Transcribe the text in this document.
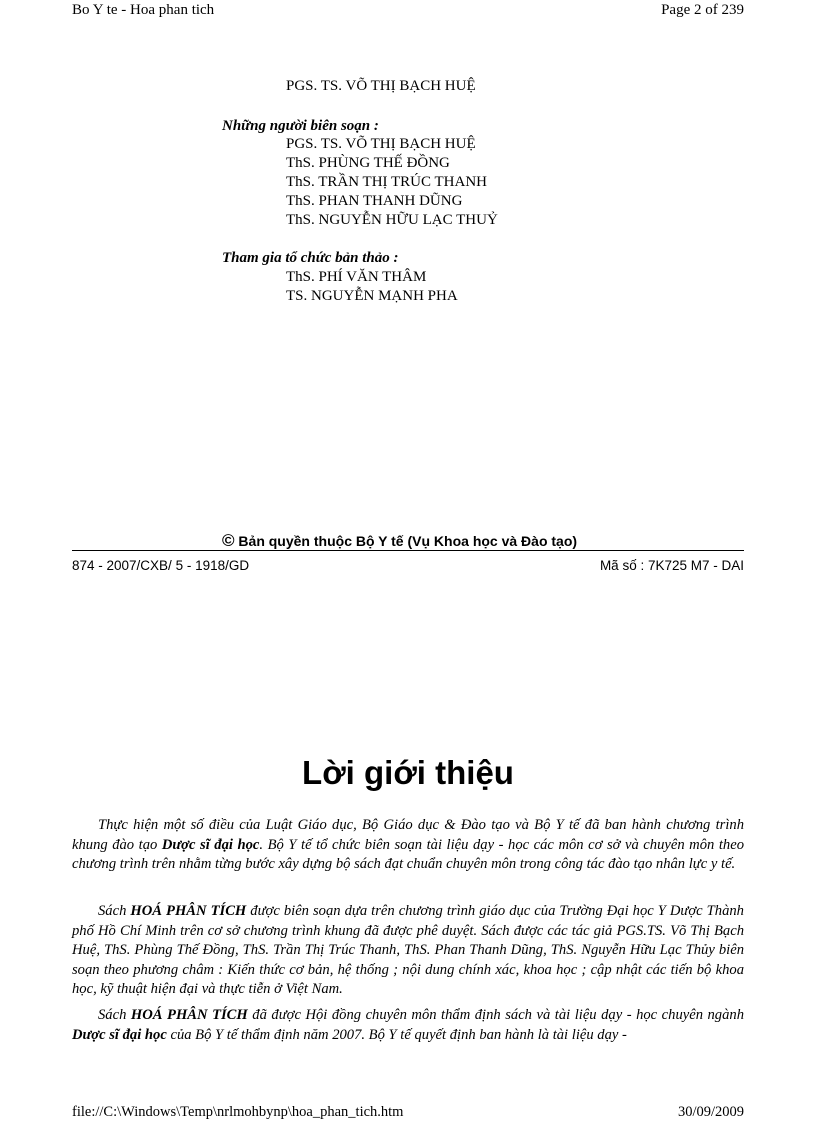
Bo Y te - Hoa phan tich	Page 2 of 239
PGS. TS. VÕ THỊ BẠCH HUỆ
Những người biên soạn :
PGS. TS. VÕ THỊ BẠCH HUỆ
ThS. PHÙNG THẾ ĐỒNG
ThS. TRẦN THỊ TRÚC THANH
ThS. PHAN THANH DŨNG
ThS. NGUYỄN HỮU LẠC THUỶ
Tham gia tổ chức bản thảo :
ThS. PHÍ VĂN THÂM
TS. NGUYỄN MẠNH PHA
© Bản quyền thuộc Bộ Y tế (Vụ Khoa học và Đào tạo)
874 - 2007/CXB/ 5 - 1918/GD	Mã số : 7K725 M7 - DAI
Lời giới thiệu

Thực hiện một số điều của Luật Giáo dục, Bộ Giáo dục & Đào tạo và Bộ Y tế đã ban hành chương trình khung đào tạo Dược sĩ đại học. Bộ Y tế tổ chức biên soạn tài liệu dạy - học các môn cơ sở và chuyên môn theo chương trình trên nhằm từng bước xây dựng bộ sách đạt chuẩn chuyên môn trong công tác đào tạo nhân lực y tế.

Sách HOÁ PHÂN TÍCH được biên soạn dựa trên chương trình giáo dục của Trường Đại học Y Dược Thành phố Hồ Chí Minh trên cơ sở chương trình khung đã được phê duyệt. Sách được các tác giả PGS.TS. Võ Thị Bạch Huệ, ThS. Phùng Thế Đồng, ThS. Trần Thị Trúc Thanh, ThS. Phan Thanh Dũng, ThS. Nguyễn Hữu Lạc Thủy biên soạn theo phương châm : Kiến thức cơ bản, hệ thống ; nội dung chính xác, khoa học ; cập nhật các tiến bộ khoa học, kỹ thuật hiện đại và thực tiễn ở Việt Nam.

Sách HOÁ PHÂN TÍCH đã được Hội đồng chuyên môn thẩm định sách và tài liệu dạy - học chuyên ngành Dược sĩ đại học của Bộ Y tế thẩm định năm 2007. Bộ Y tế quyết định ban hành là tài liệu dạy -

file://C:\Windows\Temp\nrlmohbynp\hoa_phan_tich.htm	30/09/2009
